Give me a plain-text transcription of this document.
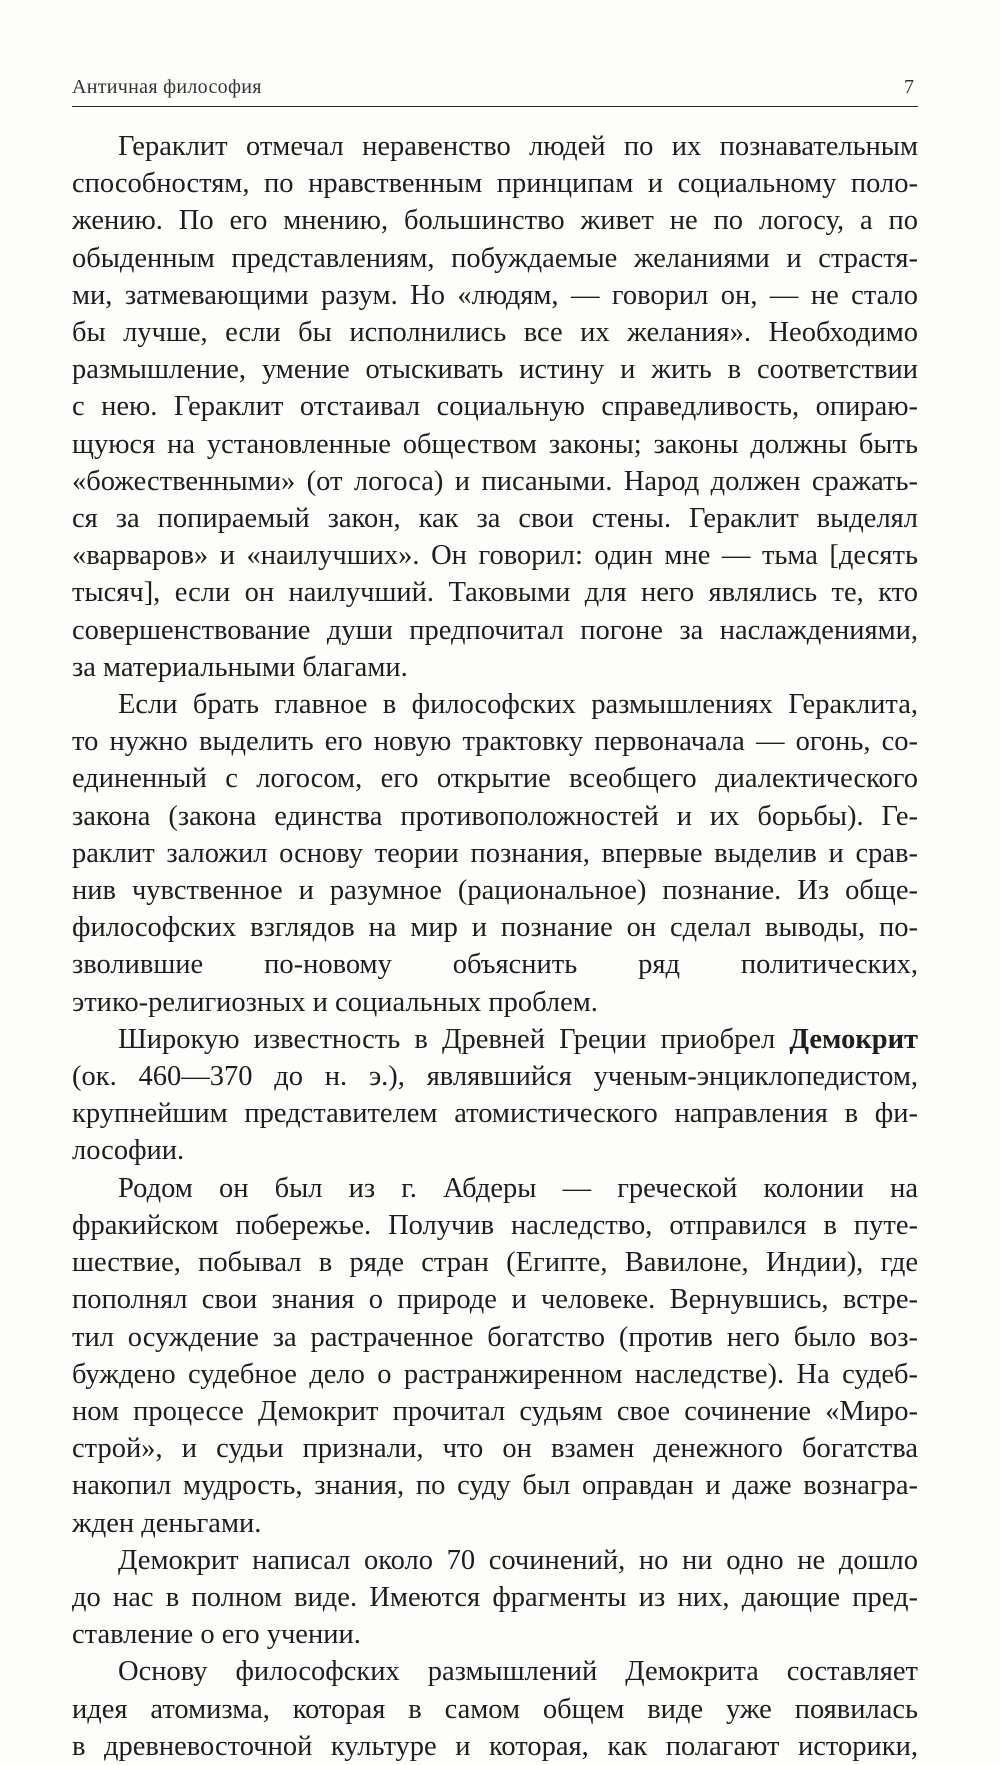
Античная философия	7
Гераклит отмечал неравенство людей по их познавательным
способностям, по нравственным принципам и социальному поло-
жению. По его мнению, большинство живет не по логосу, а по
обыденным представлениям, побуждаемые желаниями и страстя-
ми, затмевающими разум. Но «людям, — говорил он, — не стало
бы лучше, если бы исполнились все их желания». Необходимо
размышление, умение отыскивать истину и жить в соответствии
с нею. Гераклит отстаивал социальную справедливость, опираю-
щуюся на установленные обществом законы; законы должны быть
«божественными» (от логоса) и писаными. Народ должен сражать-
ся за попираемый закон, как за свои стены. Гераклит выделял
«варваров» и «наилучших». Он говорил: один мне — тьма [десять
тысяч], если он наилучший. Таковыми для него являлись те, кто
совершенствование души предпочитал погоне за наслаждениями,
за материальными благами.
Если брать главное в философских размышлениях Гераклита,
то нужно выделить его новую трактовку первоначала — огонь, со-
единенный с логосом, его открытие всеобщего диалектического
закона (закона единства противоположностей и их борьбы). Ге-
раклит заложил основу теории познания, впервые выделив и срав-
нив чувственное и разумное (рациональное) познание. Из обще-
философских взглядов на мир и познание он сделал выводы, по-
зволившие по-новому объяснить ряд политических,
этико-религиозных и социальных проблем.
Широкую известность в Древней Греции приобрел Демокрит
(ок. 460—370 до н. э.), являвшийся ученым-энциклопедистом,
крупнейшим представителем атомистического направления в фи-
лософии.
Родом он был из г. Абдеры — греческой колонии на
фракийском побережье. Получив наследство, отправился в путе-
шествие, побывал в ряде стран (Египте, Вавилоне, Индии), где
пополнял свои знания о природе и человеке. Вернувшись, встре-
тил осуждение за растраченное богатство (против него было воз-
буждено судебное дело о растранжиренном наследстве). На судеб-
ном процессе Демокрит прочитал судьям свое сочинение «Миро-
строй», и судьи признали, что он взамен денежного богатства
накопил мудрость, знания, по суду был оправдан и даже вознагра-
жден деньгами.
Демокрит написал около 70 сочинений, но ни одно не дошло
до нас в полном виде. Имеются фрагменты из них, дающие пред-
ставление о его учении.
Основу философских размышлений Демокрита составляет
идея атомизма, которая в самом общем виде уже появилась
в древневосточной культуре и которая, как полагают историки,
